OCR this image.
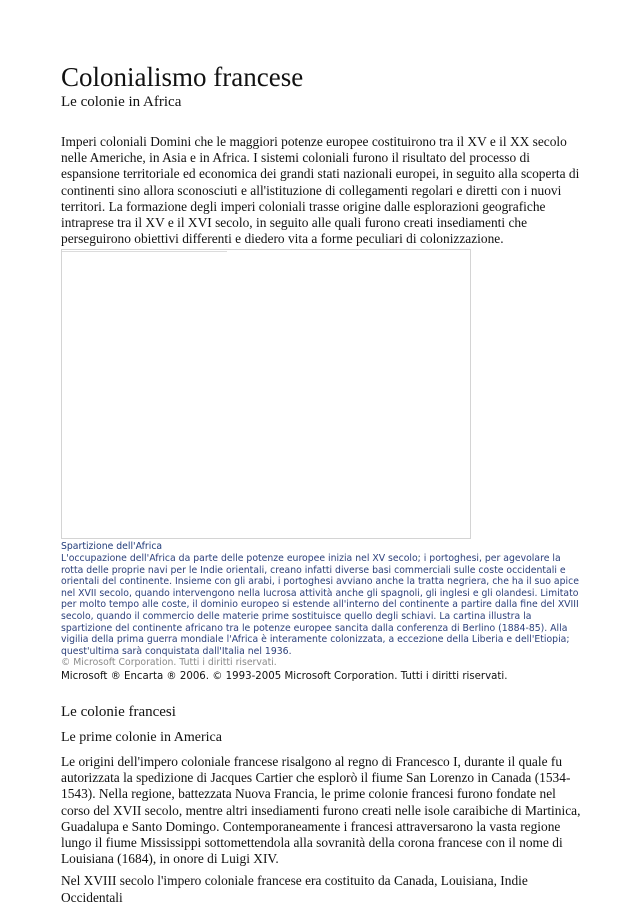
Colonialismo francese
Le colonie in Africa

Imperi coloniali Domini che le maggiori potenze europee costituirono tra il XV e il XX secolo nelle Americhe, in Asia e in Africa. I sistemi coloniali furono il risultato del processo di espansione territoriale ed economica dei grandi stati nazionali europei, in seguito alla scoperta di continenti sino allora sconosciuti e all'istituzione di collegamenti regolari e diretti con i nuovi territori. La formazione degli imperi coloniali trasse origine dalle esplorazioni geografiche intraprese tra il XV e il XVI secolo, in seguito alle quali furono creati insediamenti che perseguirono obiettivi differenti e diedero vita a forme peculiari di colonizzazione.

Spartizione dell'Africa
L'occupazione dell'Africa da parte delle potenze europee inizia nel XV secolo; i portoghesi, per agevolare la rotta delle proprie navi per le Indie orientali, creano infatti diverse basi commerciali sulle coste occidentali e orientali del continente. Insieme con gli arabi, i portoghesi avviano anche la tratta negriera, che ha il suo apice nel XVII secolo, quando intervengono nella lucrosa attività anche gli spagnoli, gli inglesi e gli olandesi. Limitato per molto tempo alle coste, il dominio europeo si estende all'interno del continente a partire dalla fine del XVIII secolo, quando il commercio delle materie prime sostituisce quello degli schiavi. La cartina illustra la spartizione del continente africano tra le potenze europee sancita dalla conferenza di Berlino (1884-85). Alla vigilia della prima guerra mondiale l'Africa è interamente colonizzata, a eccezione della Liberia e dell'Etiopia; quest'ultima sarà conquistata dall'Italia nel 1936.
© Microsoft Corporation. Tutti i diritti riservati.
Microsoft ® Encarta ® 2006. © 1993-2005 Microsoft Corporation. Tutti i diritti riservati.
Le colonie francesi
Le prime colonie in America

Le origini dell'impero coloniale francese risalgono al regno di Francesco I, durante il quale fu autorizzata la spedizione di Jacques Cartier che esplorò il fiume San Lorenzo in Canada (1534-1543). Nella regione, battezzata Nuova Francia, le prime colonie francesi furono fondate nel corso del XVII secolo, mentre altri insediamenti furono creati nelle isole caraibiche di Martinica, Guadalupa e Santo Domingo. Contemporaneamente i francesi attraversarono la vasta regione lungo il fiume Mississippi sottomettendola alla sovranità della corona francese con il nome di Louisiana (1684), in onore di Luigi XIV.

Nel XVIII secolo l'impero coloniale francese era costituito da Canada, Louisiana, Indie Occidentali
